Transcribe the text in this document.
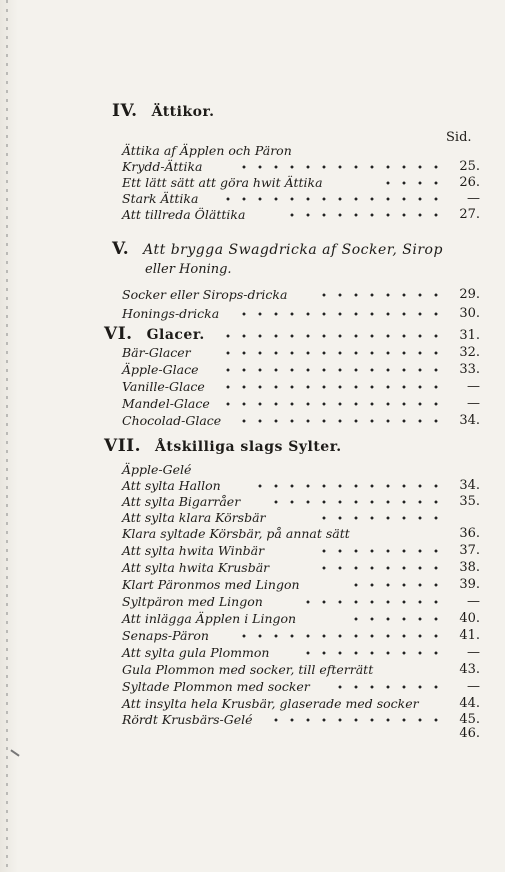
IV. Ättikor.
Sid.
Ättika af Äpplen och Päron
Krydd-Ättika	25.
Ett lätt sätt att göra hwit Ättika	26.
Stark Ättika	—
Att tillreda Ölättika	27.
V. Att brygga Swagdricka af Socker, Sirop
eller Honing.
Socker eller Sirops-dricka	29.
Honings-dricka	30.
VI. Glacer.	31.
Bär-Glacer	32.
Äpple-Glace	33.
Vanille-Glace	—
Mandel-Glace	—
Chocolad-Glace	34.
VII. Åtskilliga slags Sylter.
Äpple-Gelé
Att sylta Hallon	34.
Att sylta Bigarråer	35.
Att sylta klara Körsbär
Klara syltade Körsbär, på annat sätt	36.
Att sylta hwita Winbär	37.
Att sylta hwita Krusbär	38.
Klart Päronmos med Lingon	39.
Syltpäron med Lingon	—
Att inlägga Äpplen i Lingon	40.
Senaps-Päron	41.
Att sylta gula Plommon	—
Gula Plommon med socker, till efterrätt	43.
Syltade Plommon med socker	—
Att insylta hela Krusbär, glaserade med socker	44.
Rördt Krusbärs-Gelé	45.
46.
